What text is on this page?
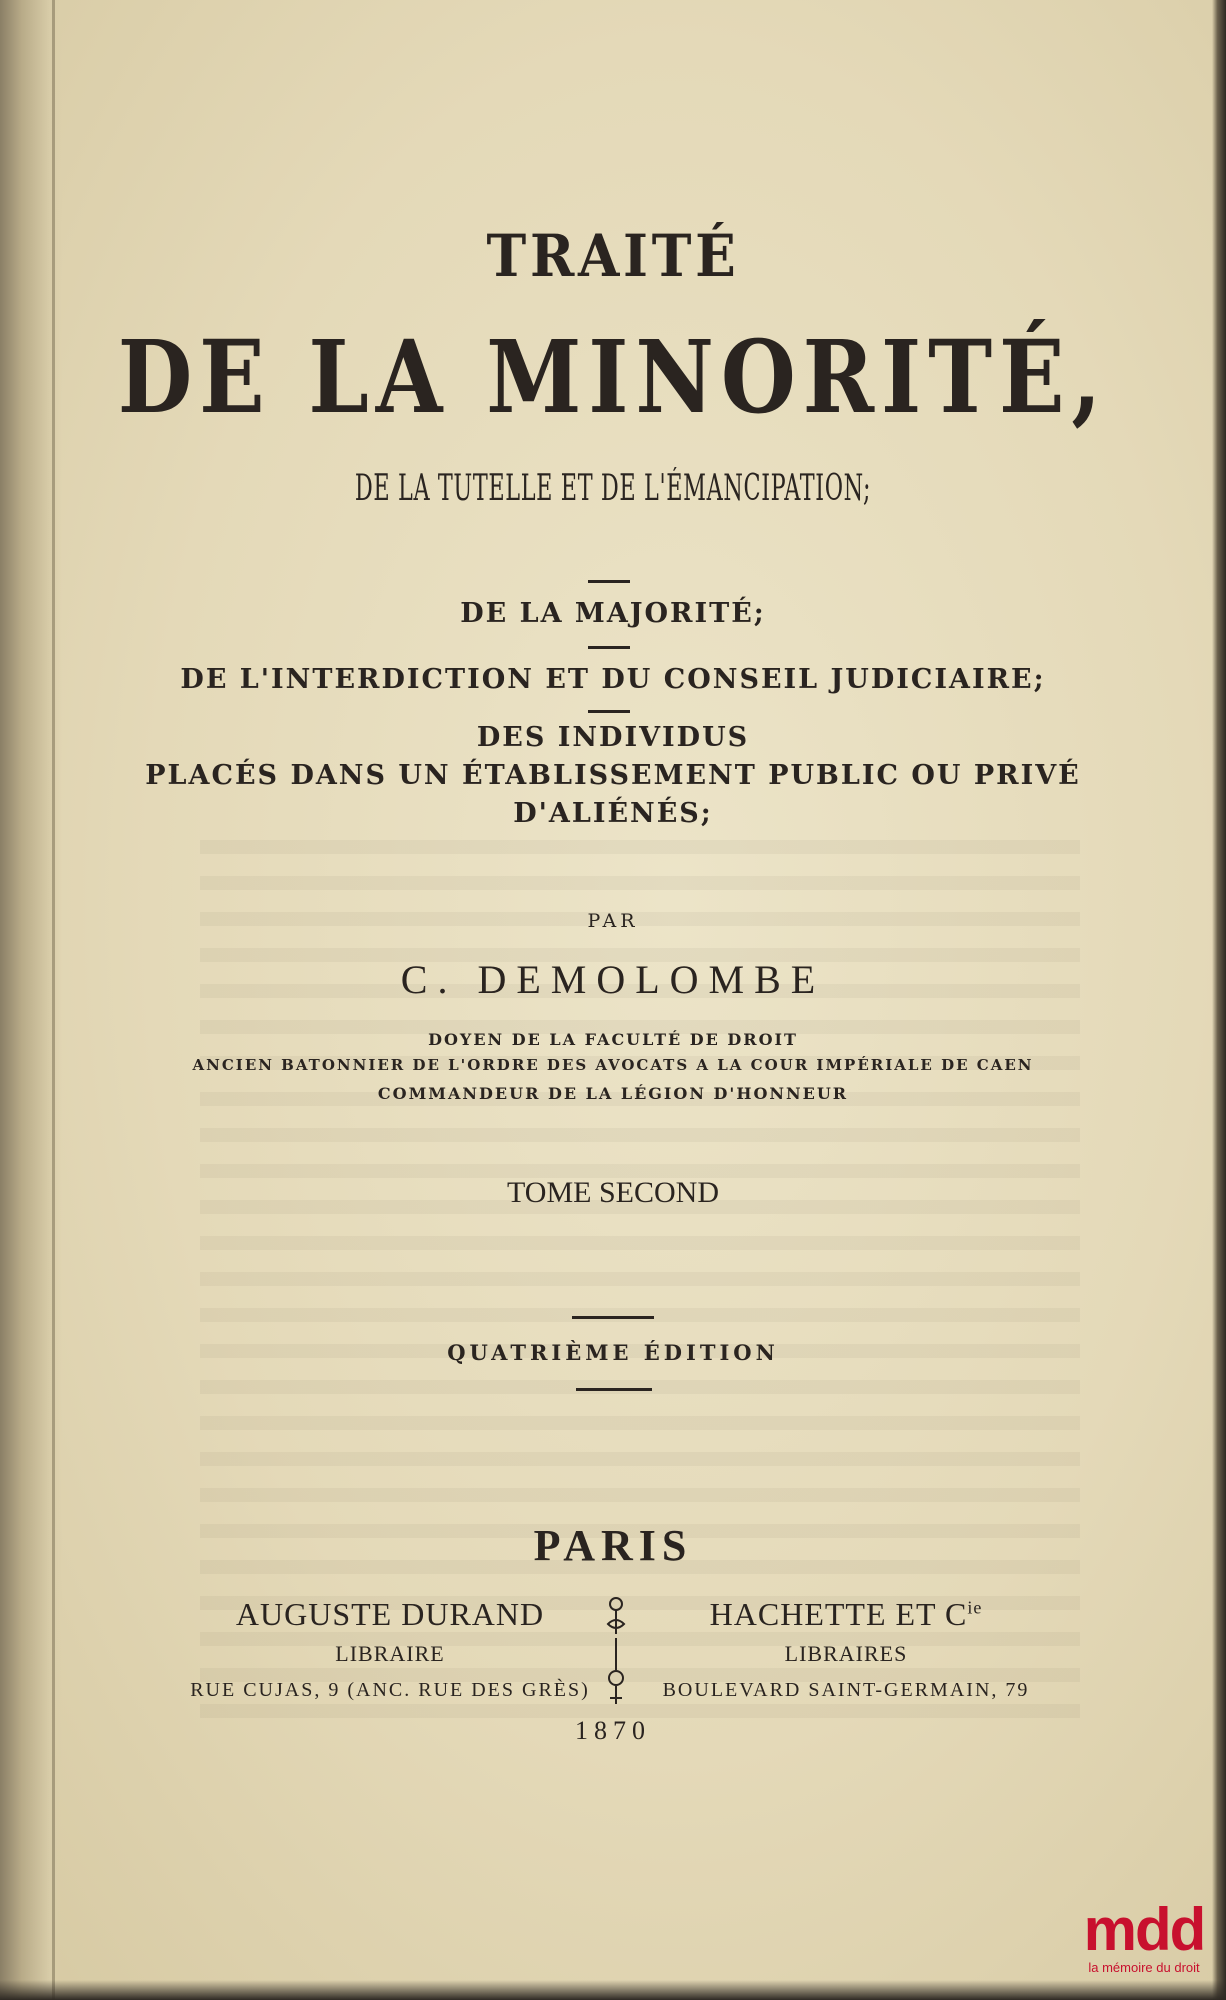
TRAITÉ
DE LA MINORITÉ,
DE LA TUTELLE ET DE L'ÉMANCIPATION;
DE LA MAJORITÉ;
DE L'INTERDICTION ET DU CONSEIL JUDICIAIRE;
DES INDIVIDUS
PLACÉS DANS UN ÉTABLISSEMENT PUBLIC OU PRIVÉ
D'ALIÉNÉS;
PAR
C. DEMOLOMBE
DOYEN DE LA FACULTÉ DE DROIT
ANCIEN BATONNIER DE L'ORDRE DES AVOCATS A LA COUR IMPÉRIALE DE CAEN
COMMANDEUR DE LA LÉGION D'HONNEUR
TOME SECOND
QUATRIÈME ÉDITION
PARIS
AUGUSTE DURAND
LIBRAIRE
RUE CUJAS, 9 (ANC. RUE DES GRÈS)
HACHETTE ET $C^{ie}$
LIBRAIRES
BOULEVARD SAINT-GERMAIN, 79
1870
mdd
la mémoire du droit
